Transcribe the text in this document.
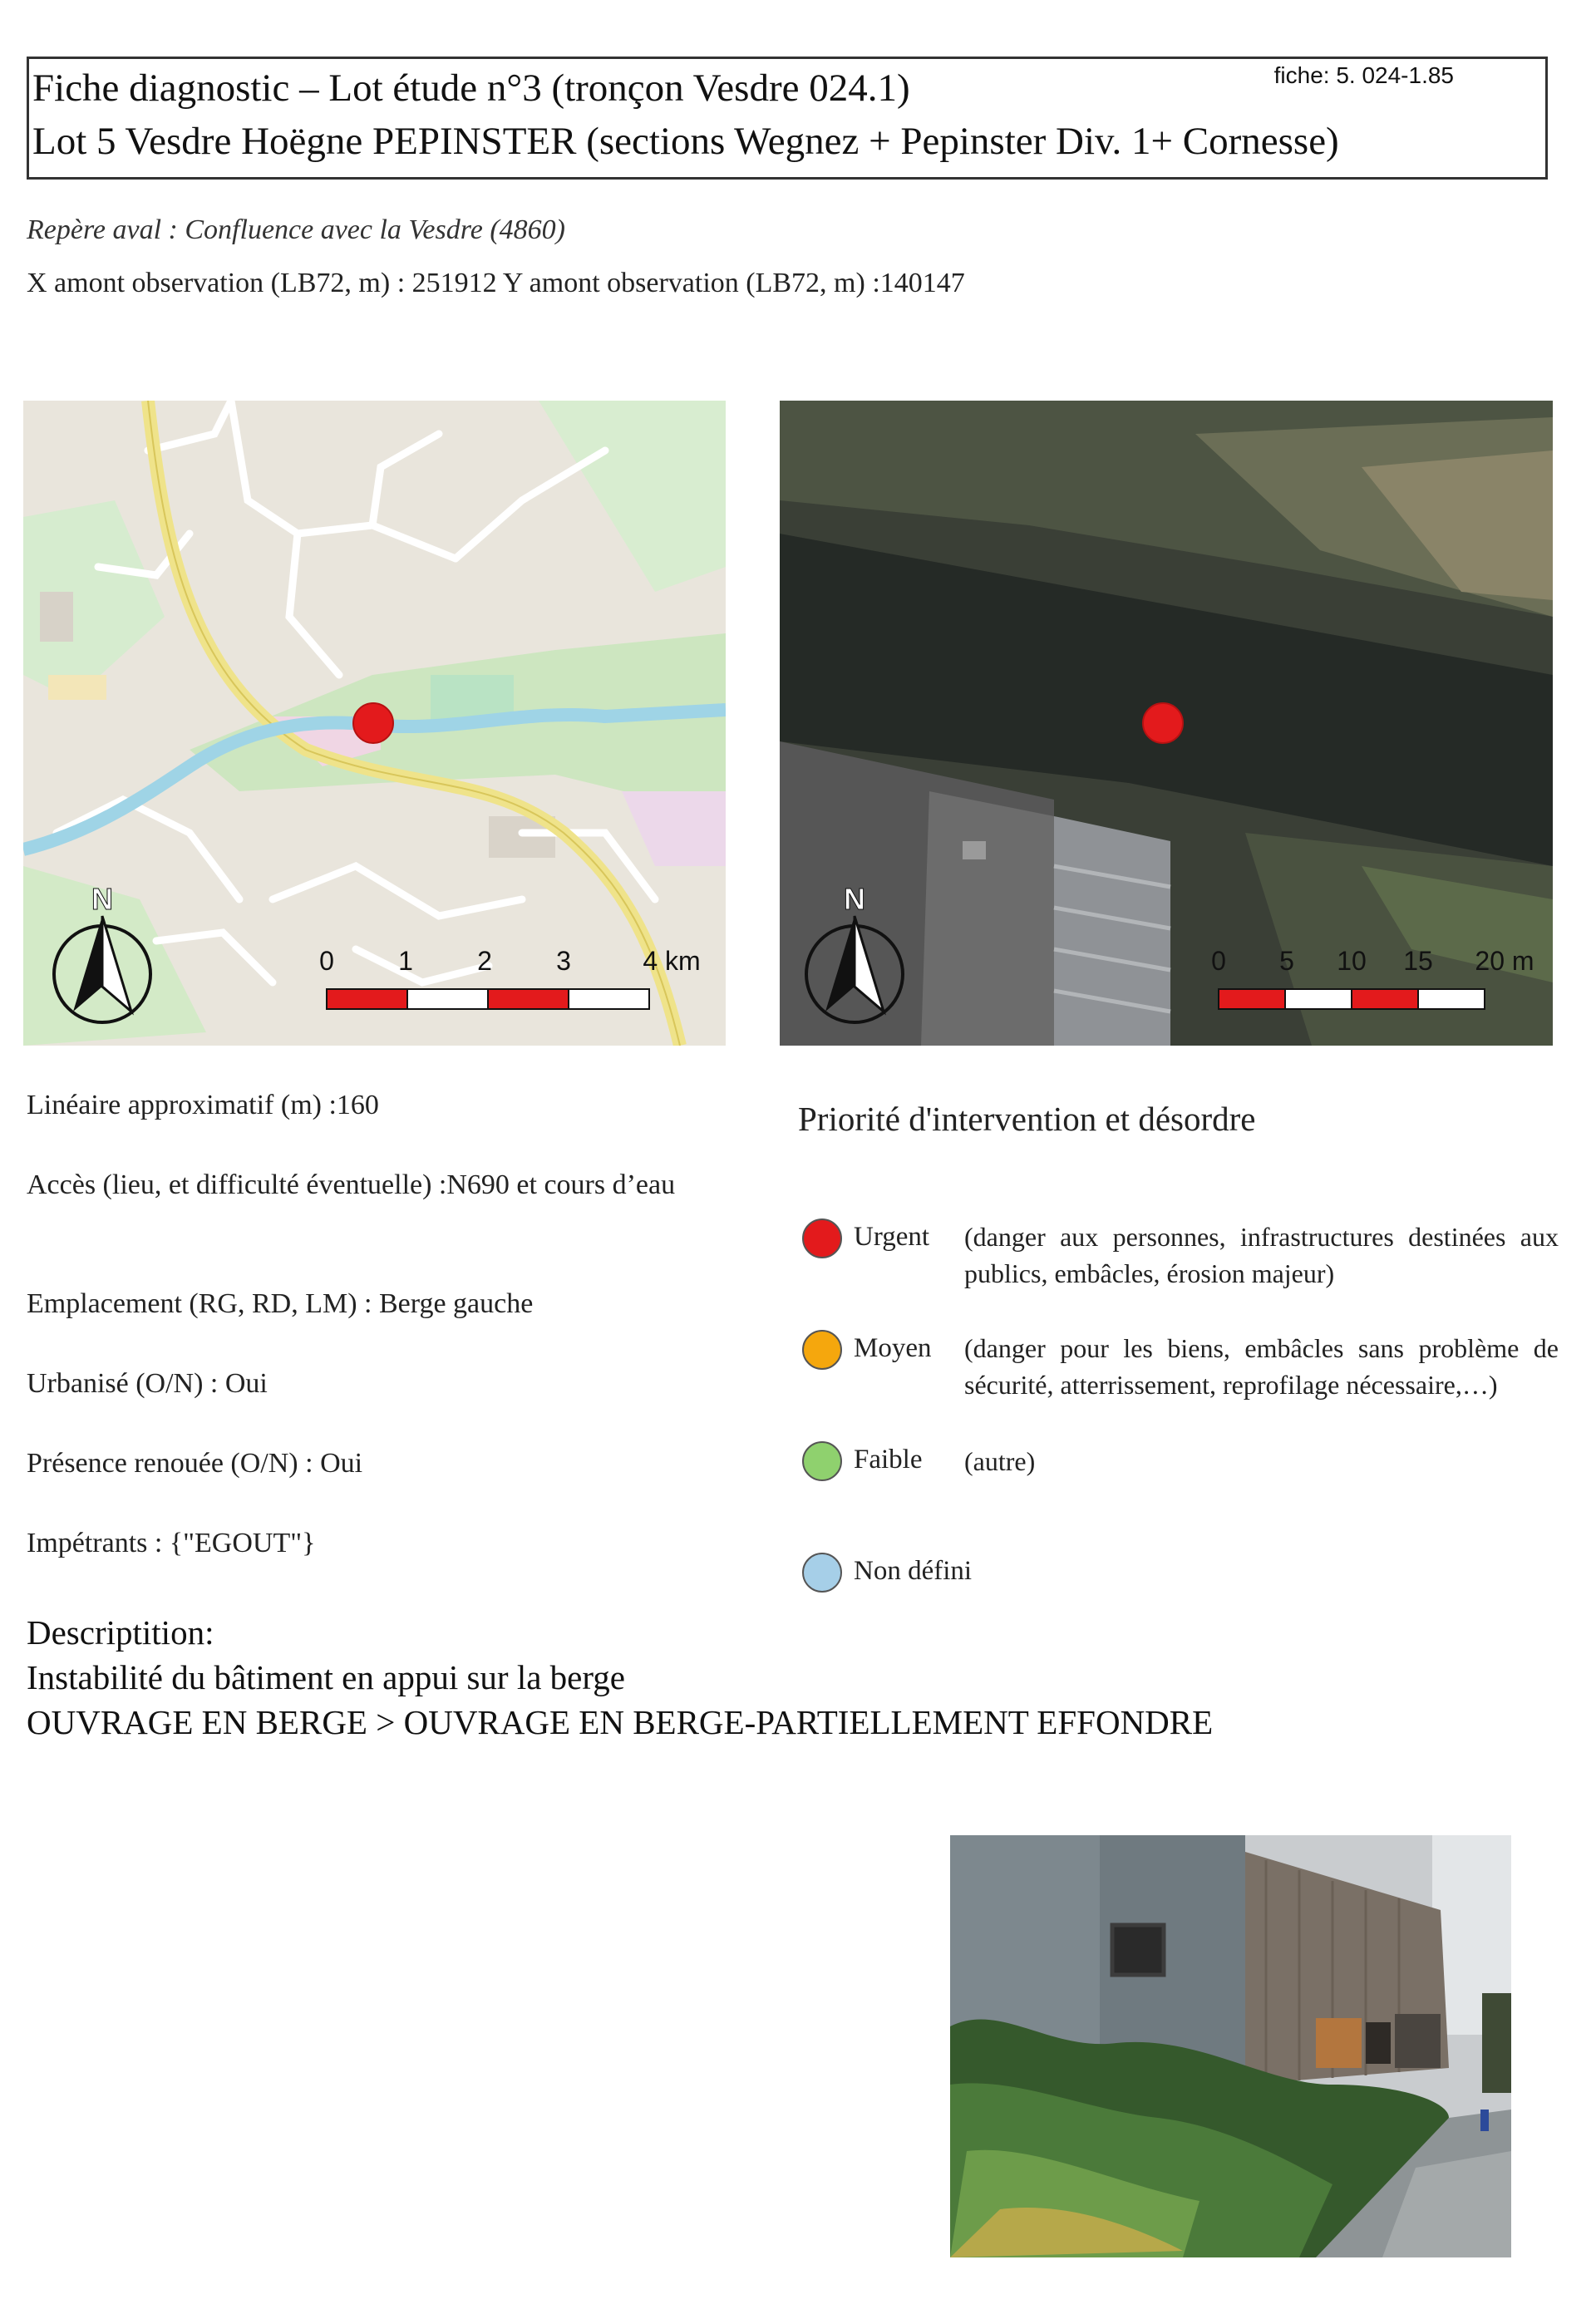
Fiche diagnostic – Lot étude n°3 (tronçon Vesdre 024.1)	fiche: 5. 024-1.85
Lot 5 Vesdre Hoëgne PEPINSTER (sections Wegnez + Pepinster Div. 1+ Cornesse)
Repère aval : Confluence avec la Vesdre (4860)
X amont observation (LB72, m) : 251912 Y amont observation (LB72, m) :140147
N
0 1 2 3	4 km
N
0 5 10 15 20 m
Linéaire approximatif (m) :160
Accès (lieu, et difficulté éventuelle) :N690 et cours d’eau
Emplacement (RG, RD, LM) : Berge gauche
Urbanisé (O/N) : Oui
Présence renouée (O/N) : Oui
Impétrants : {"EGOUT"}
Priorité d'intervention et désordre
Urgent (danger aux personnes, infrastructures destinées aux publics, embâcles, érosion majeur)
Moyen (danger pour les biens, embâcles sans problème de sécurité, atterrissement, reprofilage nécessaire,…)
Faible (autre)
Non défini
Descriptition:
Instabilité du bâtiment en appui sur la berge
OUVRAGE EN BERGE > OUVRAGE EN BERGE-PARTIELLEMENT EFFONDRE
